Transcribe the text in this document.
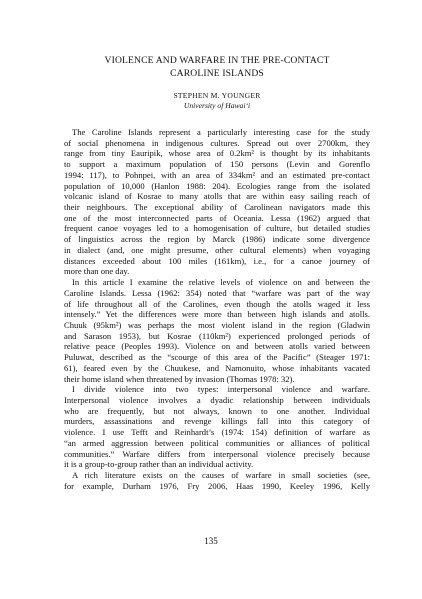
VIOLENCE AND WARFARE IN THE PRE-CONTACT
CAROLINE ISLANDS
STEPHEN M. YOUNGER
University of Hawai‘i

The Caroline Islands represent a particularly interesting case for the study
of social phenomena in indigenous cultures. Spread out over 2700km, they
range from tiny Eauripik, whose area of 0.2km² is thought by its inhabitants
to support a maximum population of 150 persons (Levin and Gorenflo
1994: 117), to Pohnpei, with an area of 334km² and an estimated pre-contact
population of 10,000 (Hanlon 1988: 204). Ecologies range from the isolated
volcanic island of Kosrae to many atolls that are within easy sailing reach of
their neighbours. The exceptional ability of Carolinean navigators made this
one of the most interconnected parts of Oceania. Lessa (1962) argued that
frequent canoe voyages led to a homogenisation of culture, but detailed studies
of linguistics across the region by Marck (1986) indicate some divergence
in dialect (and, one might presume, other cultural elements) when voyaging
distances exceeded about 100 miles (161km), i.e., for a canoe journey of
more than one day.

In this article I examine the relative levels of violence on and between the
Caroline Islands. Lessa (1962: 354) noted that “warfare was part of the way
of life throughout all of the Carolines, even though the atolls waged it less
intensely.” Yet the differences were more than between high islands and atolls.
Chuuk (95km²) was perhaps the most violent island in the region (Gladwin
and Sarason 1953), but Kosrae (110km²) experienced prolonged periods of
relative peace (Peoples 1993). Violence on and between atolls varied between
Puluwat, described as the “scourge of this area of the Pacific” (Steager 1971:
61), feared even by the Chuukese, and Namonuito, whose inhabitants vacated
their home island when threatened by invasion (Thomas 1978: 32).

I divide violence into two types: interpersonal violence and warfare.
Interpersonal violence involves a dyadic relationship between individuals
who are frequently, but not always, known to one another. Individual
murders, assassinations and revenge killings fall into this category of
violence. I use Tefft and Reinhardt’s (1974: 154) definition of warfare as
“an armed aggression between political communities or alliances of political
communities.” Warfare differs from interpersonal violence precisely because
it is a group-to-group rather than an individual activity.

A rich literature exists on the causes of warfare in small societies (see,
for example, Durham 1976, Fry 2006, Haas 1990, Keeley 1996, Kelly

135
